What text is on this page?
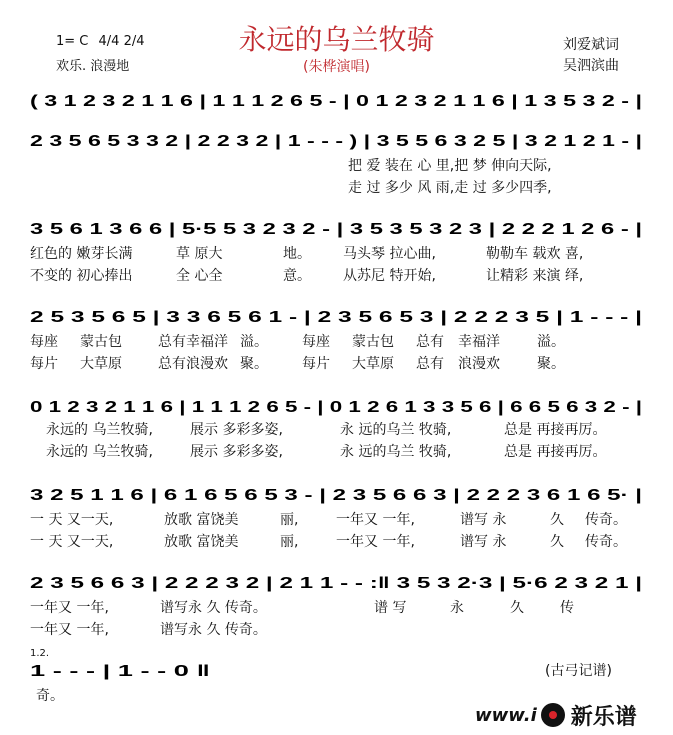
1= C 4/4 2/4
欢乐. 浪漫地
永远的乌兰牧骑
(朱桦演唱)
刘爱斌词
吴泗滨曲
( 3 1 2 3 2 1 1 6 | 1 1 1 2 6 5 - | 0 1 2 3 2 1 1 6 | 1 3 5 3 2 - |
2 3 5 6 5 3 3 2 | 2 2 3 2 | 1 - - - ) | 3 5 5 6 3 2 5 | 3 2 1 2 1 - |
3 5 6 1 3 6 6 | 5·5 5 3 2 3 2 - | 3 5 3 5 3 2 3 | 2 2 2 1 2 6 - |
2 5 3 5 6 5 | 3 3 6 5 6 1 - | 2 3 5 6 5 3 | 2 2 2 3 5 | 1 - - - |
0 1 2 3 2 1 1 6 | 1 1 1 2 6 5 - | 0 1 2 6 1 3 3 5 6 | 6 6 5 6 3 2 - |
3 2 5 1 1 6 | 6 1 6 5 6 5 3 - | 2 3 5 6 6 3 | 2 2 2 3 6 1 6 5· |
2 3 5 6 6 3 | 2 2 2 3 2 | 2 1 1 - - :‖ 3 5 3 2·3 | 5·6 2 3 2 1 |
1.2.
1 - - - | 1 - - 0 ‖
把 爱 装在 心 里,把 梦 伸向天际,
走 过 多少 风 雨,走 过 多少四季,
红色的 嫩芽长满	草 原大	地。 马头琴 拉心曲,	勒勒车 载欢 喜,
不变的 初心捧出	全 心全	意。 从苏尼 特开始,	让精彩 来演 绎,
每座 蒙古包	总有幸福洋 溢。 每座 蒙古包 总有 幸福洋	溢。
每片 大草原	总有浪漫欢 聚。 每片 大草原 总有 浪漫欢	聚。
永远的 乌兰牧骑,	展示 多彩多姿,	永 远的乌兰 牧骑,	总是 再接再厉。
永远的 乌兰牧骑,	展示 多彩多姿,	永 远的乌兰 牧骑,	总是 再接再厉。
一 天 又一天,	放歌 富饶美	丽,	一年又 一年,	谱写 永	久 传奇。
一 天 又一天,	放歌 富饶美	丽,	一年又 一年,	谱写 永	久 传奇。
一年又 一年,	谱写永 久 传奇。	谱 写	永	久	传
一年又 一年,	谱写永 久 传奇。
奇。
(古弓记谱)
www.i 新乐谱
